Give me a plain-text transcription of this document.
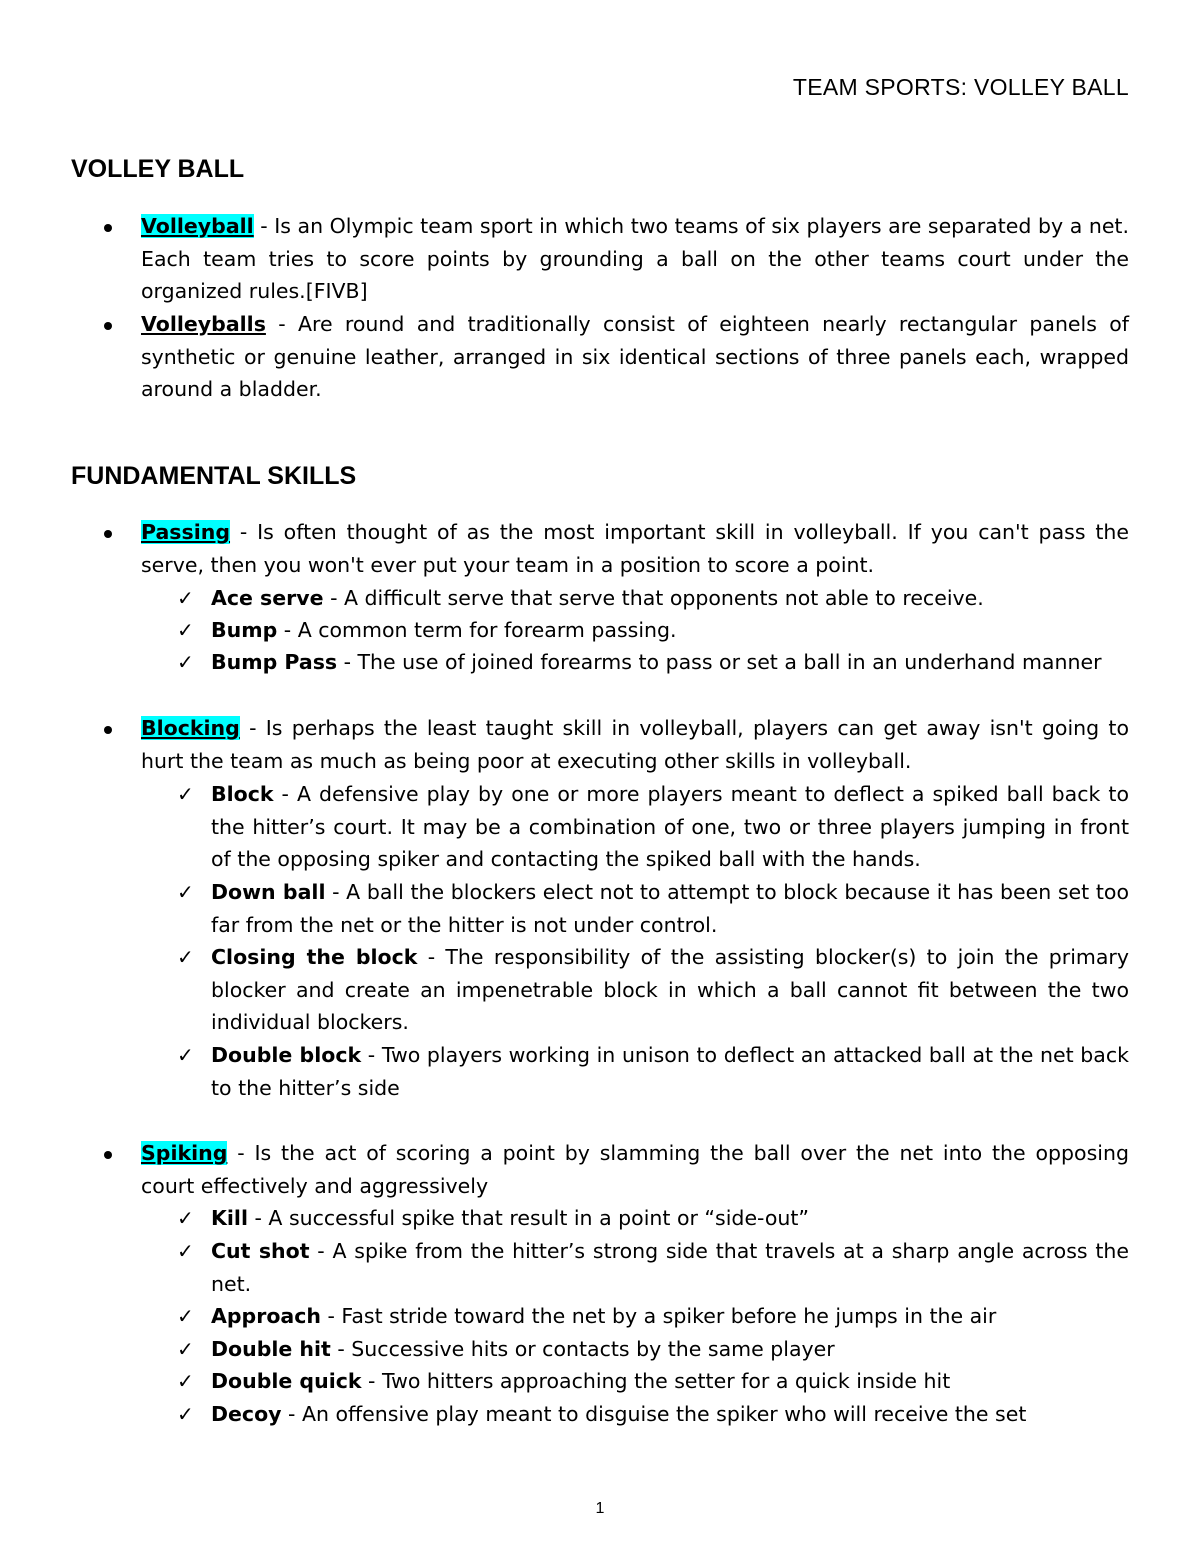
TEAM SPORTS: VOLLEY BALL
VOLLEY BALL
Volleyball - Is an Olympic team sport in which two teams of six players are separated by a net. Each team tries to score points by grounding a ball on the other teams court under the organized rules.[FIVB]
Volleyballs - Are round and traditionally consist of eighteen nearly rectangular panels of synthetic or genuine leather, arranged in six identical sections of three panels each, wrapped around a bladder.
FUNDAMENTAL SKILLS
Passing - Is often thought of as the most important skill in volleyball. If you can't pass the serve, then you won't ever put your team in a position to score a point.
✓ Ace serve - A difficult serve that serve that opponents not able to receive.
✓ Bump - A common term for forearm passing.
✓ Bump Pass - The use of joined forearms to pass or set a ball in an underhand manner
Blocking - Is perhaps the least taught skill in volleyball, players can get away isn't going to hurt the team as much as being poor at executing other skills in volleyball.
✓ Block - A defensive play by one or more players meant to deflect a spiked ball back to the hitter’s court. It may be a combination of one, two or three players jumping in front of the opposing spiker and contacting the spiked ball with the hands.
✓ Down ball - A ball the blockers elect not to attempt to block because it has been set too far from the net or the hitter is not under control.
✓ Closing the block - The responsibility of the assisting blocker(s) to join the primary blocker and create an impenetrable block in which a ball cannot fit between the two individual blockers.
✓ Double block - Two players working in unison to deflect an attacked ball at the net back to the hitter’s side
Spiking - Is the act of scoring a point by slamming the ball over the net into the opposing court effectively and aggressively
✓ Kill - A successful spike that result in a point or “side-out”
✓ Cut shot - A spike from the hitter’s strong side that travels at a sharp angle across the net.
✓ Approach - Fast stride toward the net by a spiker before he jumps in the air
✓ Double hit - Successive hits or contacts by the same player
✓ Double quick - Two hitters approaching the setter for a quick inside hit
✓ Decoy - An offensive play meant to disguise the spiker who will receive the set
1
